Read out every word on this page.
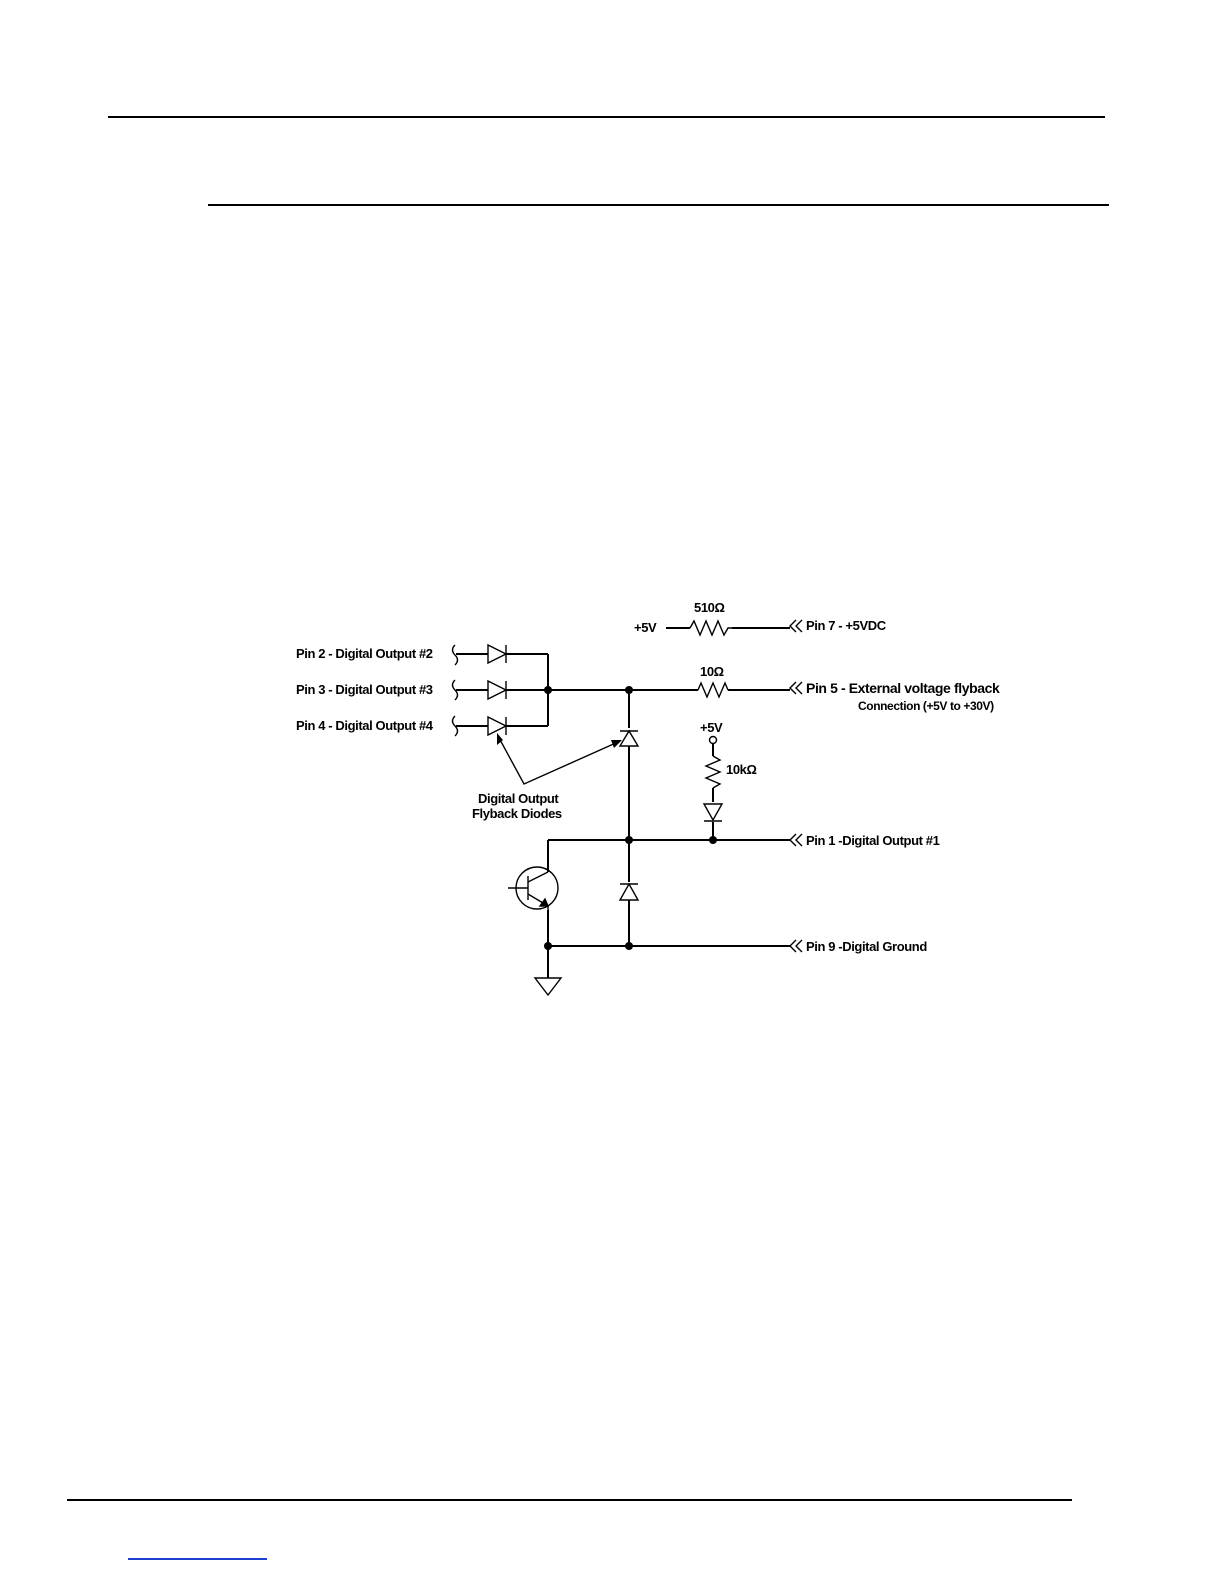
Pin 2 - Digital Output #2
Pin 3 - Digital Output #3
Pin 4 - Digital Output #4
510Ω
+5V	Pin 7 - +5VDC
10Ω
Pin 5 - External voltage flyback
Connection (+5V to +30V)
+5V
10kΩ
Digital Output
Flyback Diodes
Pin 1 -Digital Output #1
Pin 9 -Digital Ground
